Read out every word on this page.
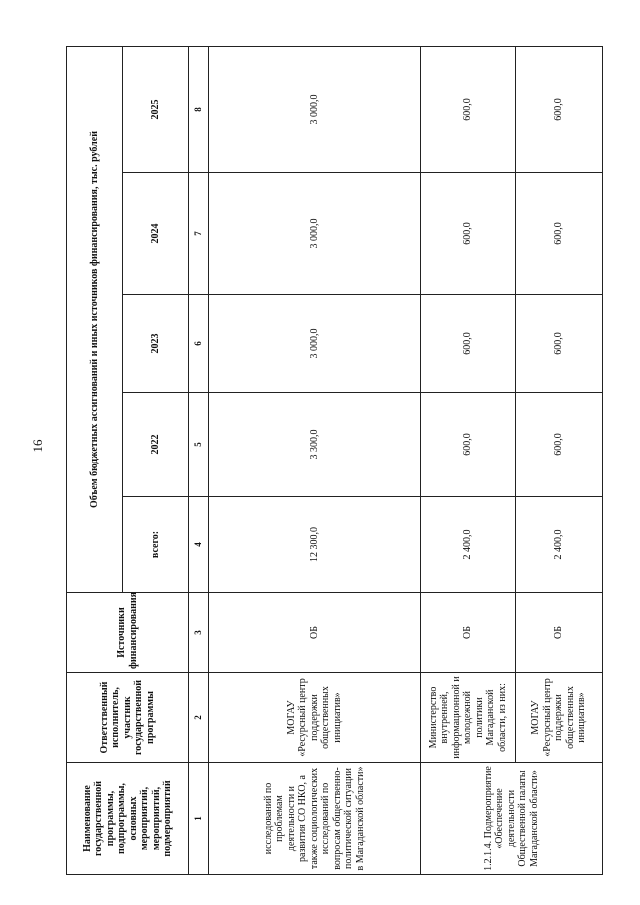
16
Наименование государственной программы, подпрограммы, основных мероприятий, мероприятий, подмероприятий	Ответственный исполнитель, участник государственной программы	Источники финансирования	Объем бюджетных ассигнований и иных источников финансирования, тыс. рублей				
			всего:	2022	2023	2024	2025
1	2	3	4	5	6	7	8
исследований по проблемам деятельности и развития СО НКО, а также социологических исследований по вопросам общественно-политической ситуации в Магаданской области»	МОГАУ «Ресурсный центр поддержки общественных инициатив»	ОБ	12 300,0	3 300,0	3 000,0	3 000,0	3 000,0
1.2.1.4. Подмероприятие «Обеспечение деятельности Общественной палаты Магаданской области»	Министерство внутренней, информационной и молодежной политики Магаданской области, из них:	ОБ	2 400,0	600,0	600,0	600,0	600,0
	МОГАУ «Ресурсный центр поддержки общественных инициатив»	ОБ	2 400,0	600,0	600,0	600,0	600,0
